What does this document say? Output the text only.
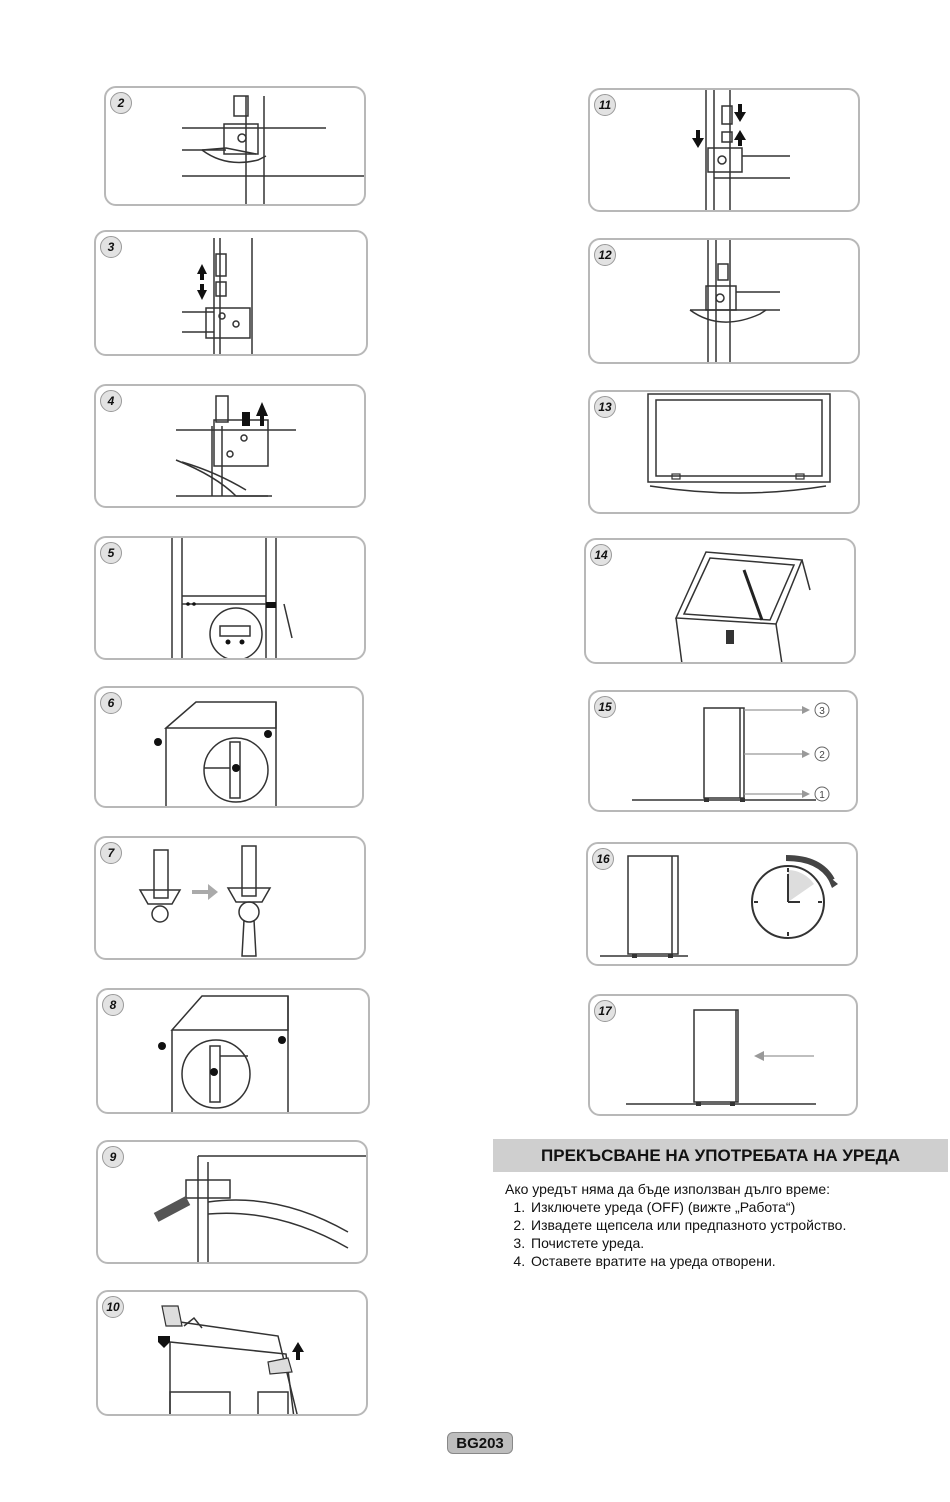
2
3
4
5
6
7
8
9
10
11
12
13
14
15	3
2
1
16
17
ПРЕКЪСВАНЕ НА УПОТРЕБАТА НА УРЕДА
Ако уредът няма да бъде използван дълго време:
1. Изключете уреда (OFF) (вижте „Работа“)
2. Извадете щепсела или предпазното устройство.
3. Почистете уреда.
4. Оставете вратите на уреда отворени.
BG203
